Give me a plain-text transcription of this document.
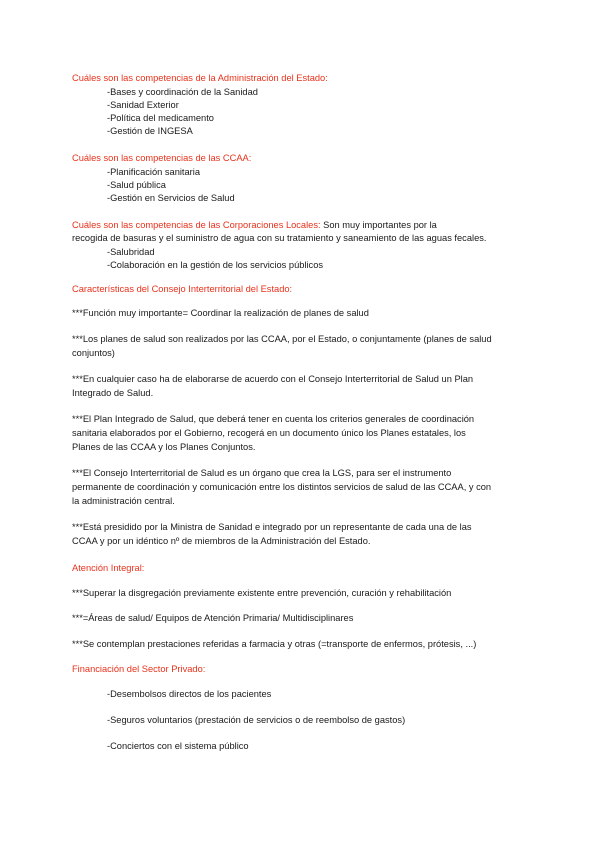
Cuáles son las competencias de la Administración del Estado:
-Bases y coordinación de la Sanidad
-Sanidad Exterior
-Política del medicamento
-Gestión de INGESA
Cuáles son las competencias de las CCAA:
-Planificación sanitaria
-Salud pública
-Gestión en Servicios de Salud
Cuáles son las competencias de las Corporaciones Locales: Son muy importantes por la
recogida de basuras y el suministro de agua con su tratamiento y saneamiento de las aguas fecales.
-Salubridad
-Colaboración en la gestión de los servicios públicos
Características del Consejo Interterritorial del Estado:
***Función muy importante= Coordinar la realización de planes de salud
***Los planes de salud son realizados por las CCAA, por el Estado, o conjuntamente (planes de salud
conjuntos)
***En cualquier caso ha de elaborarse de acuerdo con el Consejo Interterritorial de Salud un Plan
Integrado de Salud.
***El Plan Integrado de Salud, que deberá tener en cuenta los criterios generales de coordinación
sanitaria elaborados por el Gobierno, recogerá en un documento único los Planes estatales, los
Planes de las CCAA y los Planes Conjuntos.
***El Consejo Interterritorial de Salud es un órgano que crea la LGS, para ser el instrumento
permanente de coordinación y comunicación entre los distintos servicios de salud de las CCAA, y con
la administración central.
***Está presidido por la Ministra de Sanidad e integrado por un representante de cada una de las
CCAA y por un idéntico nº de miembros de la Administración del Estado.
Atención Integral:
***Superar la disgregación previamente existente entre prevención, curación y rehabilitación
***=Áreas de salud/ Equipos de Atención Primaria/ Multidisciplinares
***Se contemplan prestaciones referidas a farmacia y otras (=transporte de enfermos, prótesis, ...)
Financiación del Sector Privado:
-Desembolsos directos de los pacientes
-Seguros voluntarios (prestación de servicios o de reembolso de gastos)
-Conciertos con el sistema público
